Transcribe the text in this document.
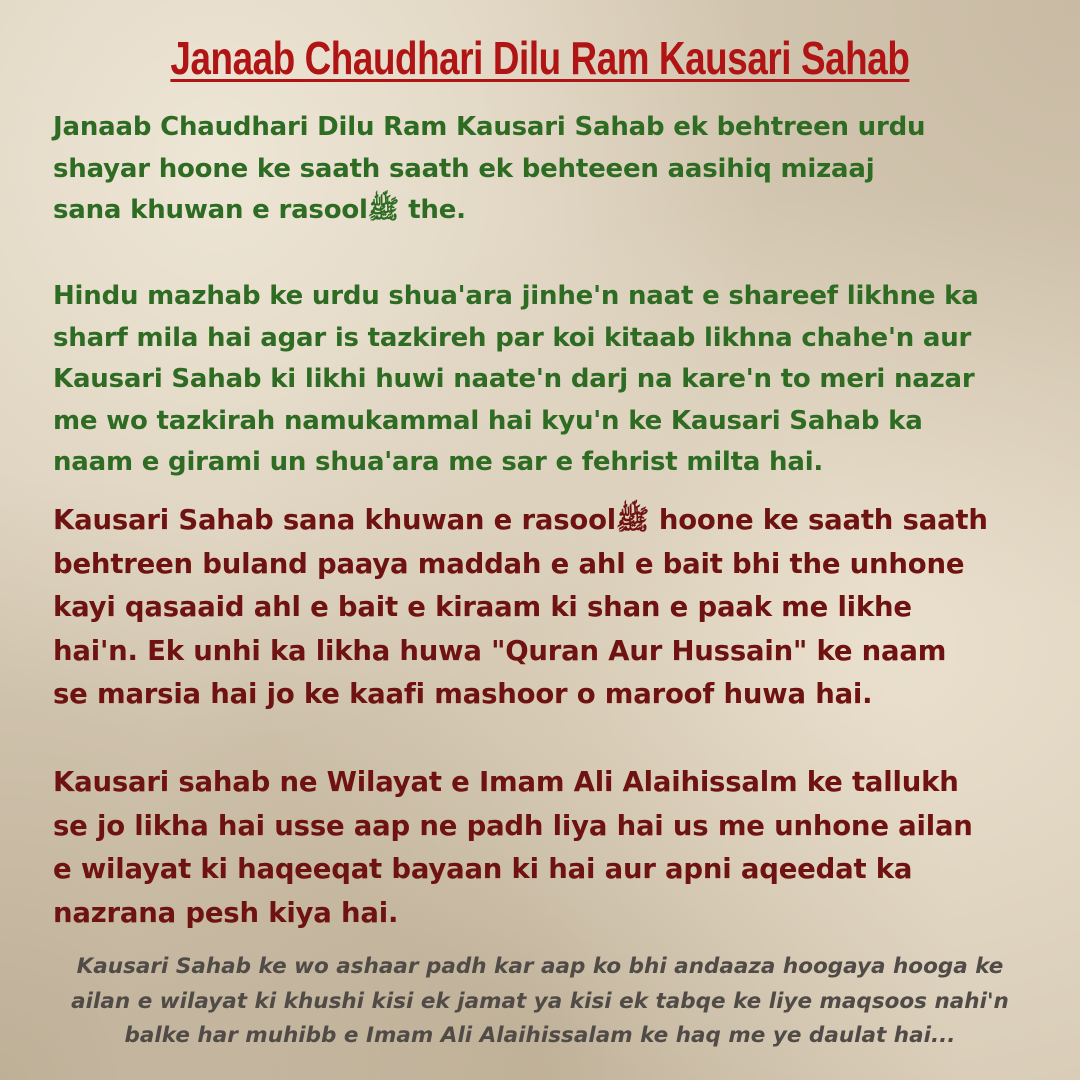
Janaab Chaudhari Dilu Ram Kausari Sahab

Janaab Chaudhari Dilu Ram Kausari Sahab ek behtreen urdu
shayar hoone ke saath saath ek behteeen aasihiq mizaaj
sana khuwan e rasoolﷺ the.

Hindu mazhab ke urdu shua'ara jinhe'n naat e shareef likhne ka
sharf mila hai agar is tazkireh par koi kitaab likhna chahe'n aur
Kausari Sahab ki likhi huwi naate'n darj na kare'n to meri nazar
me wo tazkirah namukammal hai kyu'n ke Kausari Sahab ka
naam e girami un shua'ara me sar e fehrist milta hai.

Kausari Sahab sana khuwan e rasoolﷺ hoone ke saath saath
behtreen buland paaya maddah e ahl e bait bhi the unhone
kayi qasaaid ahl e bait e kiraam ki shan e paak me likhe
hai'n. Ek unhi ka likha huwa "Quran Aur Hussain" ke naam
se marsia hai jo ke kaafi mashoor o maroof huwa hai.

Kausari sahab ne Wilayat e Imam Ali Alaihissalm ke tallukh
se jo likha hai usse aap ne padh liya hai us me unhone ailan
e wilayat ki haqeeqat bayaan ki hai aur apni aqeedat ka
nazrana pesh kiya hai.

Kausari Sahab ke wo ashaar padh kar aap ko bhi andaaza hoogaya hooga ke
ailan e wilayat ki khushi kisi ek jamat ya kisi ek tabqe ke liye maqsoos nahi'n
balke har muhibb e Imam Ali Alaihissalam ke haq me ye daulat hai...
